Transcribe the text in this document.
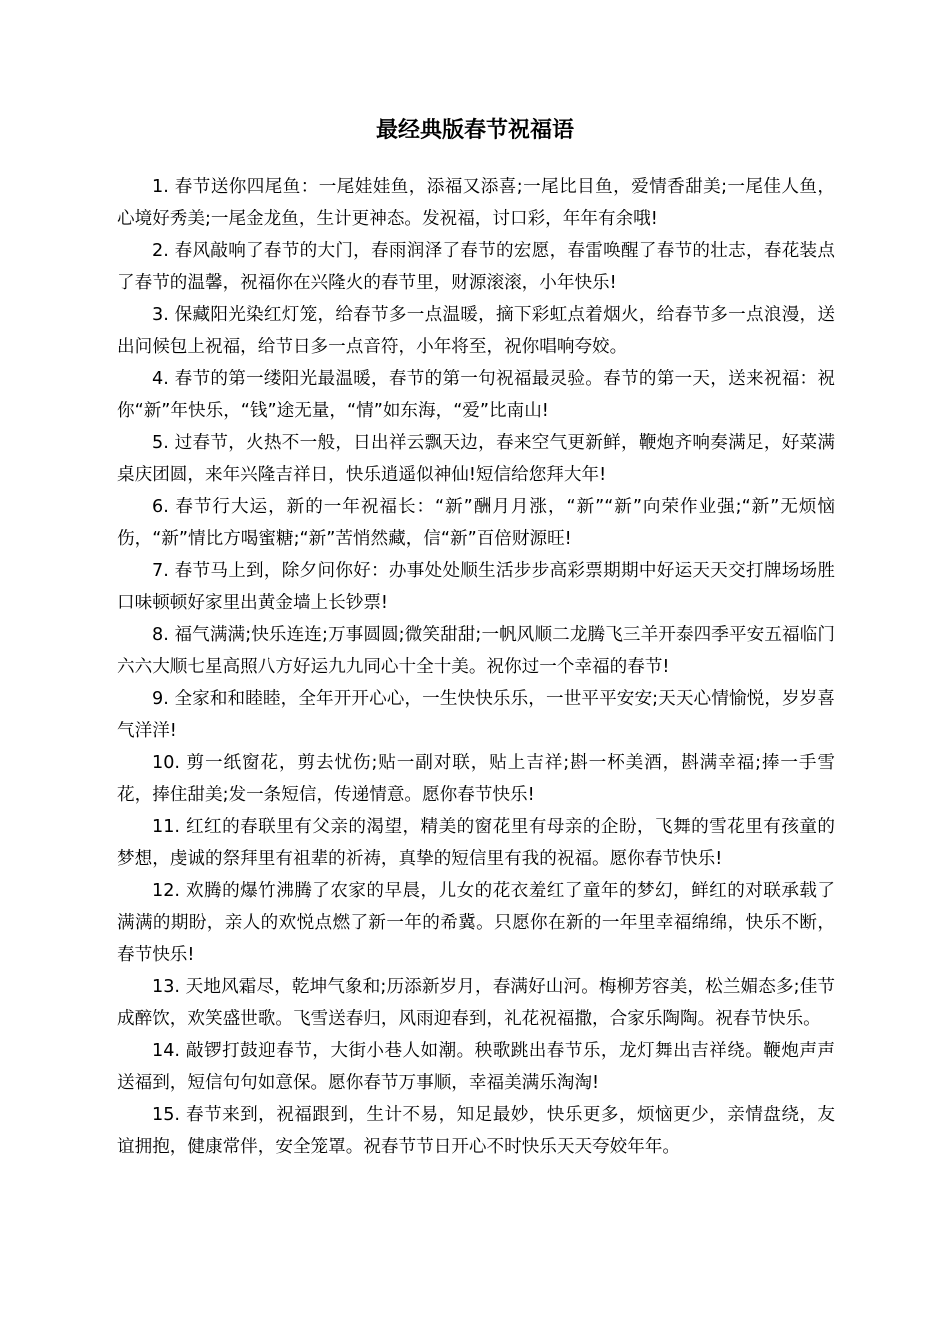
最经典版春节祝福语

1. 春节送你四尾鱼：一尾娃娃鱼，添福又添喜;一尾比目鱼，爱情香甜美;一尾佳人鱼，心境好秀美;一尾金龙鱼，生计更神态。发祝福，讨口彩，年年有余哦!

2. 春风敲响了春节的大门，春雨润泽了春节的宏愿，春雷唤醒了春节的壮志，春花装点了春节的温馨，祝福你在兴隆火的春节里，财源滚滚，小年快乐!

3. 保藏阳光染红灯笼，给春节多一点温暖，摘下彩虹点着烟火，给春节多一点浪漫，送出问候包上祝福，给节日多一点音符，小年将至，祝你唱响夸姣。

4. 春节的第一缕阳光最温暖，春节的第一句祝福最灵验。春节的第一天，送来祝福：祝你“新”年快乐，“钱”途无量，“情”如东海，“爱”比南山!

5. 过春节，火热不一般，日出祥云飘天边，春来空气更新鲜，鞭炮齐响奏满足，好菜满桌庆团圆，来年兴隆吉祥日，快乐逍遥似神仙!短信给您拜大年!

6. 春节行大运，新的一年祝福长：“新”酬月月涨，“新”“新”向荣作业强;“新”无烦恼伤，“新”情比方喝蜜糖;“新”苦悄然藏，信“新”百倍财源旺!

7. 春节马上到，除夕问你好：办事处处顺生活步步高彩票期期中好运天天交打牌场场胜口味顿顿好家里出黄金墙上长钞票!

8. 福气满满;快乐连连;万事圆圆;微笑甜甜;一帆风顺二龙腾飞三羊开泰四季平安五福临门六六大顺七星高照八方好运九九同心十全十美。祝你过一个幸福的春节!

9. 全家和和睦睦，全年开开心心，一生快快乐乐，一世平平安安;天天心情愉悦，岁岁喜气洋洋!

10. 剪一纸窗花，剪去忧伤;贴一副对联，贴上吉祥;斟一杯美酒，斟满幸福;捧一手雪花，捧住甜美;发一条短信，传递情意。愿你春节快乐!

11. 红红的春联里有父亲的渴望，精美的窗花里有母亲的企盼，飞舞的雪花里有孩童的梦想，虔诚的祭拜里有祖辈的祈祷，真挚的短信里有我的祝福。愿你春节快乐!

12. 欢腾的爆竹沸腾了农家的早晨，儿女的花衣羞红了童年的梦幻，鲜红的对联承载了满满的期盼，亲人的欢悦点燃了新一年的希冀。只愿你在新的一年里幸福绵绵，快乐不断，春节快乐!

13. 天地风霜尽，乾坤气象和;历添新岁月，春满好山河。梅柳芳容美，松兰媚态多;佳节成醉饮，欢笑盛世歌。飞雪送春归，风雨迎春到，礼花祝福撒，合家乐陶陶。祝春节快乐。

14. 敲锣打鼓迎春节，大街小巷人如潮。秧歌跳出春节乐，龙灯舞出吉祥绕。鞭炮声声送福到，短信句句如意保。愿你春节万事顺，幸福美满乐淘淘!

15. 春节来到，祝福跟到，生计不易，知足最妙，快乐更多，烦恼更少，亲情盘绕，友谊拥抱，健康常伴，安全笼罩。祝春节节日开心不时快乐天天夸姣年年。
